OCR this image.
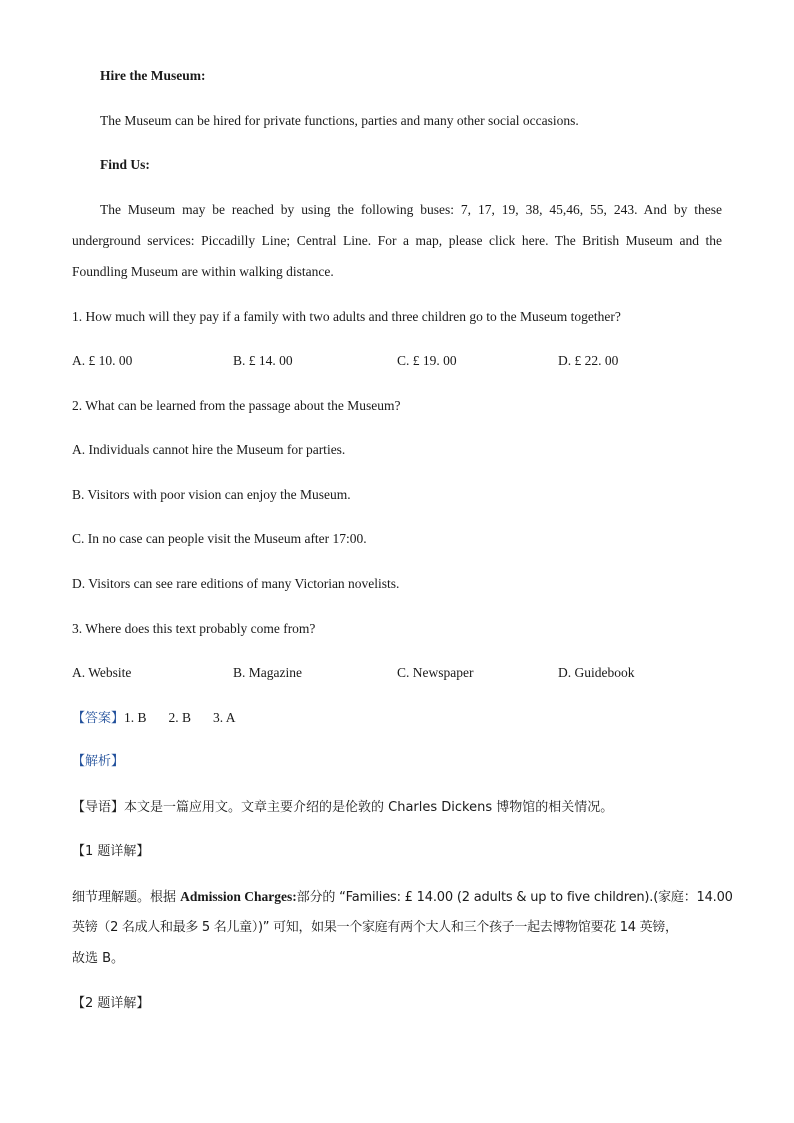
Hire the Museum:
The Museum can be hired for private functions, parties and many other social occasions.
Find Us:
The Museum may be reached by using the following buses: 7, 17, 19, 38, 45,46, 55, 243. And by these
underground services: Piccadilly Line; Central Line. For a map, please click here. The British Museum and the
Foundling Museum are within walking distance.
1. How much will they pay if a family with two adults and three children go to the Museum together?
A. £ 10. 00	B. £ 14. 00	C. £ 19. 00	D. £ 22. 00
2. What can be learned from the passage about the Museum?
A. Individuals cannot hire the Museum for parties.
B. Visitors with poor vision can enjoy the Museum.
C. In no case can people visit the Museum after 17:00.
D. Visitors can see rare editions of many Victorian novelists.
3. Where does this text probably come from?
A. Website	B. Magazine	C. Newspaper	D. Guidebook
【答案】1. B 2. B 3. A
【解析】
【导语】本文是一篇应用文。文章主要介绍的是伦敦的 Charles Dickens 博物馆的相关情况。
【1 题详解】
细节理解题。根据 Admission Charges:部分的 “Families: £ 14.00 (2 adults & up to five children).(家庭：14.00
英镑（2 名成人和最多 5 名儿童）)” 可知，如果一个家庭有两个大人和三个孩子一起去博物馆要花 14 英镑，
故选 B。
【2 题详解】
